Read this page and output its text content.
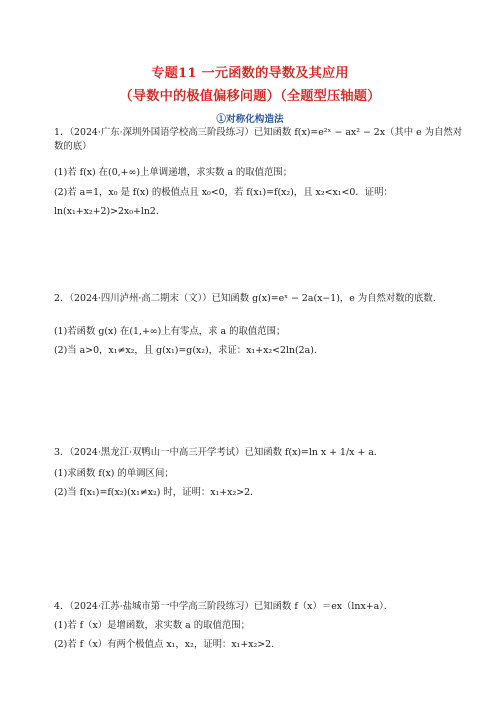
专题11 一元函数的导数及其应用
（导数中的极值偏移问题）（全题型压轴题）
①对称化构造法
1．（2024·广东·深圳外国语学校高三阶段练习）已知函数 f(x)=e²ˣ − ax² − 2x（其中 e 为自然对数的底）
(1)若 f(x) 在(0,+∞)上单调递增，求实数 a 的取值范围；
(2)若 a=1，x₀ 是 f(x) 的极值点且 x₀<0，若 f(x₁)=f(x₂)，且 x₂<x₁<0．证明：
ln(x₁+x₂+2)>2x₀+ln2．
2．（2024·四川泸州·高二期末（文））已知函数 g(x)=eˣ − 2a(x−1)，e 为自然对数的底数.
(1)若函数 g(x) 在(1,+∞)上有零点，求 a 的取值范围；
(2)当 a>0，x₁≠x₂，且 g(x₁)=g(x₂)，求证：x₁+x₂<2ln(2a).
3．（2024·黑龙江·双鸭山一中高三开学考试）已知函数 f(x)=ln x + 1/x + a．
(1)求函数 f(x) 的单调区间；
(2)当 f(x₁)=f(x₂)(x₁≠x₂) 时，证明：x₁+x₂>2．
4．（2024·江苏·盐城市第一中学高三阶段练习）已知函数 f（x）＝ex（lnx+a）．
(1)若 f（x）是增函数，求实数 a 的取值范围；
(2)若 f（x）有两个极值点 x₁，x₂，证明：x₁+x₂>2.
